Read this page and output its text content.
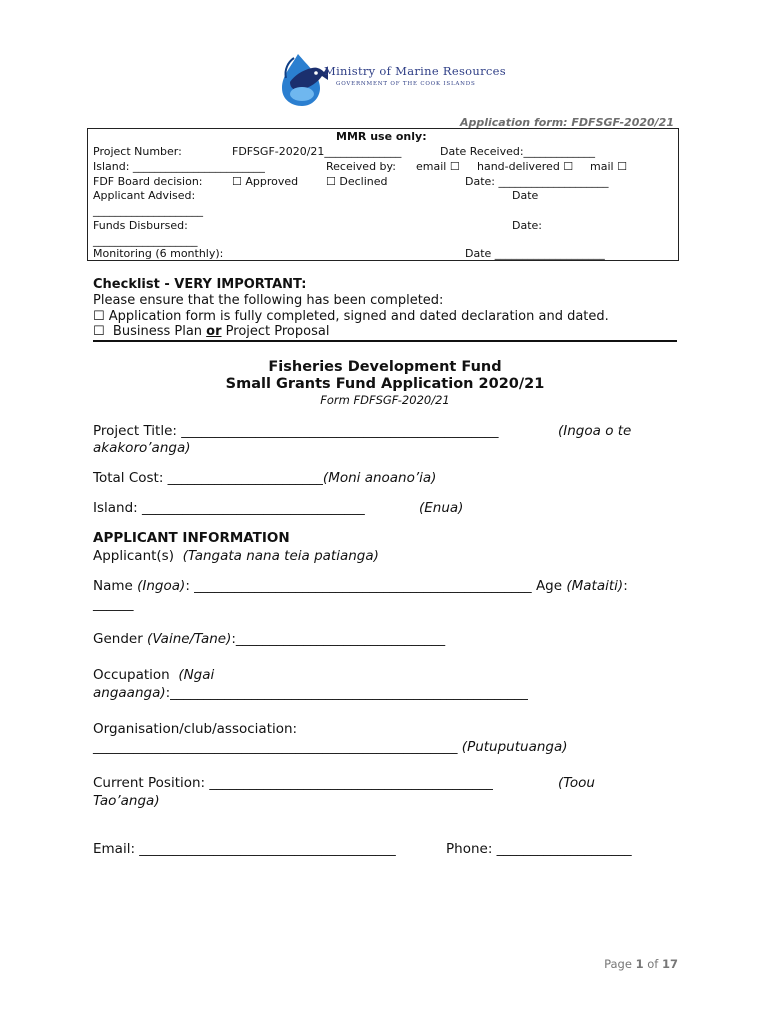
Ministry of Marine Resources
GOVERNMENT OF THE COOK ISLANDS
Application form: FDFSGF-2020/21
MMR use only:
Project Number:	FDFSGF-2020/21______________	Date Received:_____________
Island: ________________________	Received by: email ☐ hand-delivered ☐ mail ☐
FDF Board decision:	☐ Approved	☐ Declined	Date: ____________________
Applicant Advised:	Date
____________________
Funds Disbursed:	Date:
___________________
Monitoring (6 monthly):	Date ____________________
Checklist - VERY IMPORTANT:
Please ensure that the following has been completed:
☐ Application form is fully completed, signed and dated declaration and dated.
☐  Business Plan or Project Proposal
Fisheries Development Fund
Small Grants Fund Application 2020/21
Form FDFSGF-2020/21
Project Title: _______________________________________________	(Ingoa o te
akakoro’anga)
Total Cost: _______________________(Moni anoano’ia)
Island: _________________________________	(Enua)
APPLICANT INFORMATION
Applicant(s) (Tangata nana teia patianga)
Name (Ingoa): __________________________________________________ Age (Mataiti):
______
Gender (Vaine/Tane):_______________________________
Occupation  (Ngai
angaanga):_____________________________________________________
Organisation/club/association:
______________________________________________________ (Putuputuanga)
Current Position: __________________________________________	(Toou
Tao’anga)
Email: ______________________________________	Phone: ____________________
Page 1 of 17
